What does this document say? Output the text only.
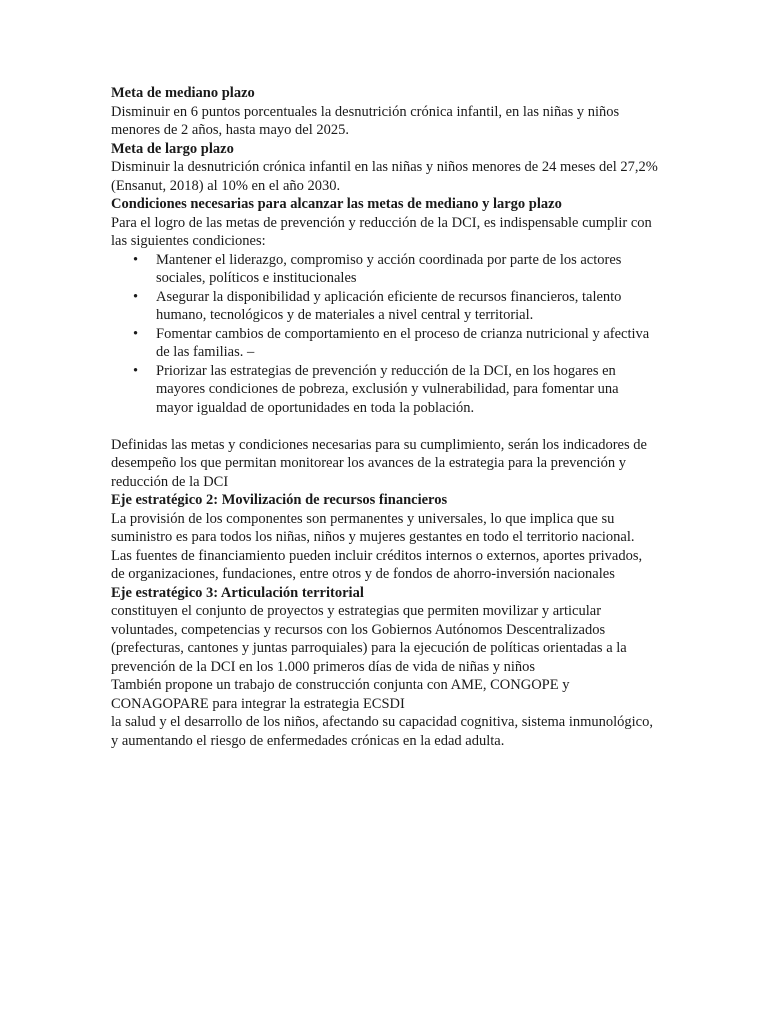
Meta de mediano plazo

Disminuir en 6 puntos porcentuales la desnutrición crónica infantil, en las niñas y niños menores de 2 años, hasta mayo del 2025.

Meta de largo plazo

Disminuir la desnutrición crónica infantil en las niñas y niños menores de 24 meses del 27,2% (Ensanut, 2018) al 10% en el año 2030.

Condiciones necesarias para alcanzar las metas de mediano y largo plazo

Para el logro de las metas de prevención y reducción de la DCI, es indispensable cumplir con las siguientes condiciones:

• Mantener el liderazgo, compromiso y acción coordinada por parte de los actores sociales, políticos e institucionales
• Asegurar la disponibilidad y aplicación eficiente de recursos financieros, talento humano, tecnológicos y de materiales a nivel central y territorial.
• Fomentar cambios de comportamiento en el proceso de crianza nutricional y afectiva de las familias. –
• Priorizar las estrategias de prevención y reducción de la DCI, en los hogares en mayores condiciones de pobreza, exclusión y vulnerabilidad, para fomentar una mayor igualdad de oportunidades en toda la población.

Definidas las metas y condiciones necesarias para su cumplimiento, serán los indicadores de desempeño los que permitan monitorear los avances de la estrategia para la prevención y reducción de la DCI

Eje estratégico 2: Movilización de recursos financieros

La provisión de los componentes son permanentes y universales, lo que implica que su suministro es para todos los niñas, niños y mujeres gestantes en todo el territorio nacional.

Las fuentes de financiamiento pueden incluir créditos internos o externos, aportes privados, de organizaciones, fundaciones, entre otros y de fondos de ahorro-inversión nacionales

Eje estratégico 3: Articulación territorial

constituyen el conjunto de proyectos y estrategias que permiten movilizar y articular voluntades, competencias y recursos con los Gobiernos Autónomos Descentralizados (prefecturas, cantones y juntas parroquiales) para la ejecución de políticas orientadas a la prevención de la DCI en los 1.000 primeros días de vida de niñas y niños

También propone un trabajo de construcción conjunta con AME, CONGOPE y CONAGOPARE para integrar la estrategia ECSDI

la salud y el desarrollo de los niños, afectando su capacidad cognitiva, sistema inmunológico, y aumentando el riesgo de enfermedades crónicas en la edad adulta.
